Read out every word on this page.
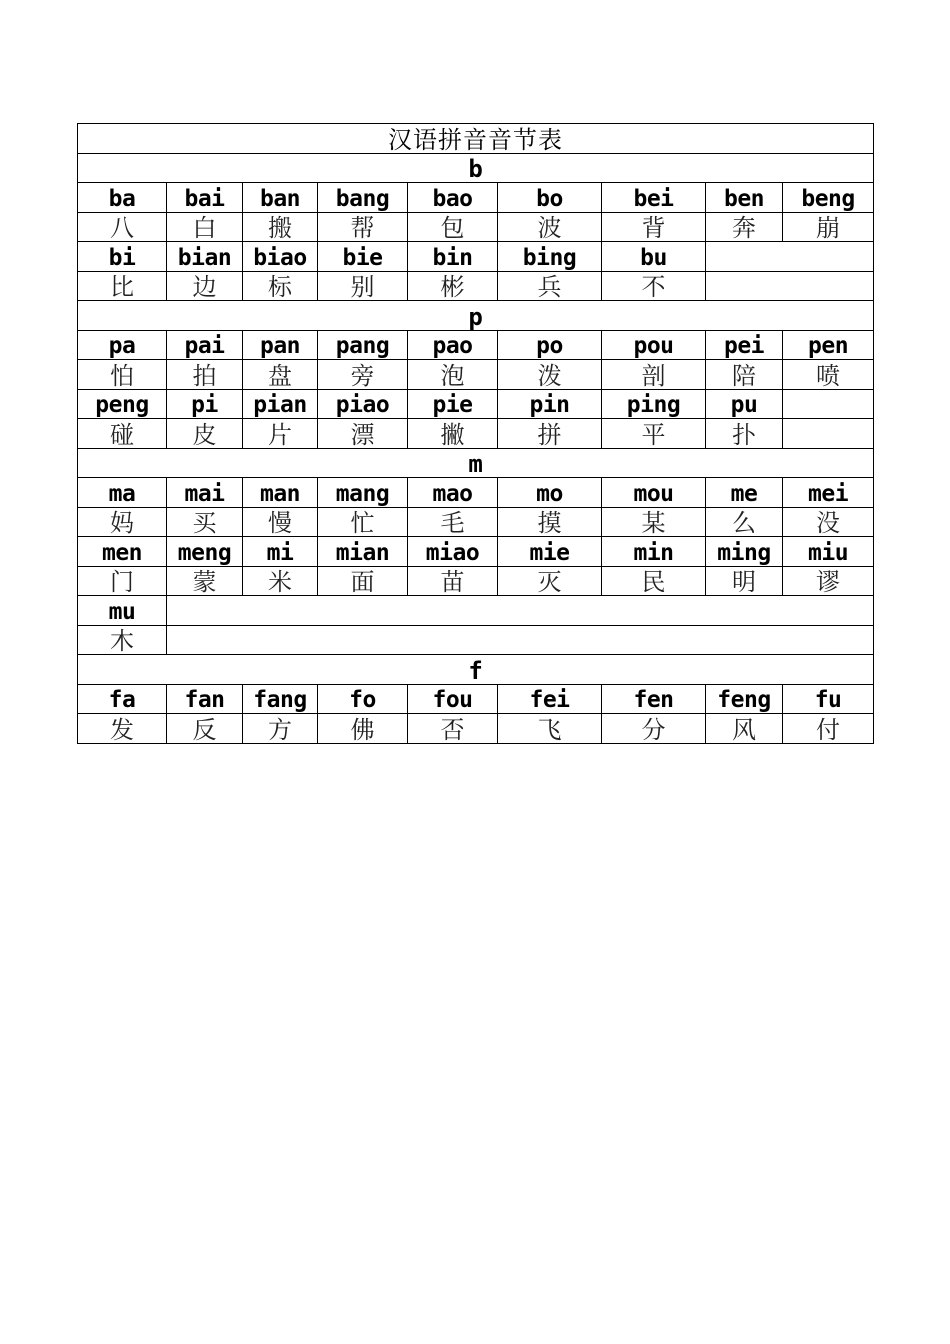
汉语拼音音节表								
b								
ba	bai	ban	bang	bao	bo	bei	ben	beng
八	白	搬	帮	包	波	背	奔	崩
bi	bian	biao	bie	bin	bing	bu		
比	边	标	别	彬	兵	不		
p								
pa	pai	pan	pang	pao	po	pou	pei	pen
怕	拍	盘	旁	泡	泼	剖	陪	喷
peng	pi	pian	piao	pie	pin	ping	pu	
碰	皮	片	漂	撇	拼	平	扑	
m								
ma	mai	man	mang	mao	mo	mou	me	mei
妈	买	慢	忙	毛	摸	某	么	没
men	meng	mi	mian	miao	mie	min	ming	miu
门	蒙	米	面	苗	灭	民	明	谬
mu								
木								
f								
fa	fan	fang	fo	fou	fei	fen	feng	fu
发	反	方	佛	否	飞	分	风	付
